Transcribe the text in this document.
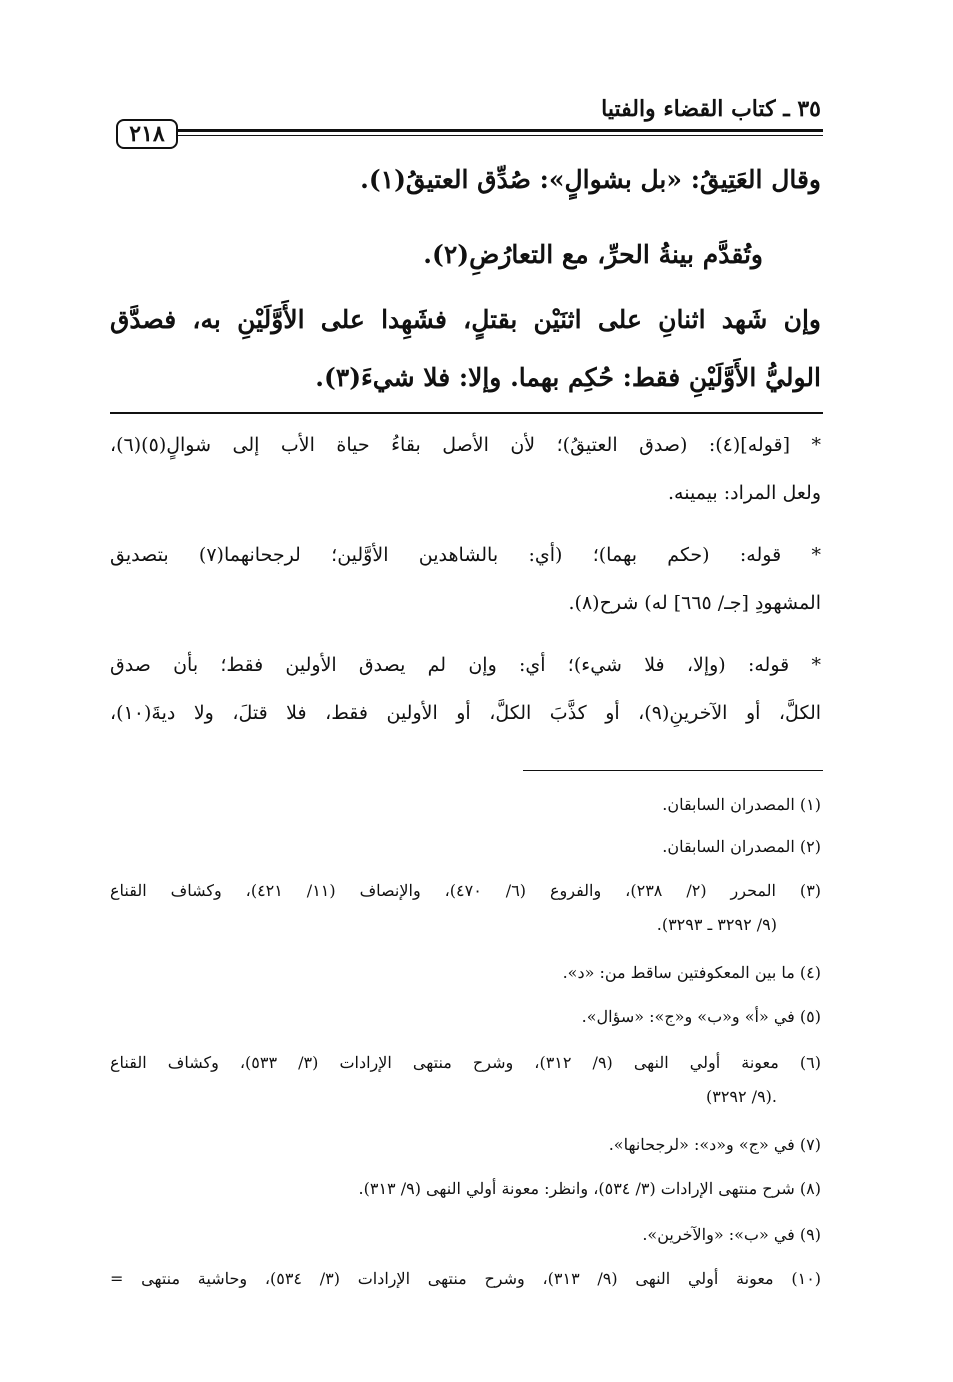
٣٥ ـ كتاب القضاء والفتيا
٢١٨
وقال العَتِيقُ: «بل بشوالٍ»: صُدِّق العتيقُ(١).
وتُقدَّم بينةُ الحرِّ، مع التعارُضِ(٢).
وإن شَهد اثنانِ على اثنَيْن بقتلٍ، فشَهِدا على الأَوَّلَيْنِ به، فصدَّق
الوليُّ الأَوَّلَيْنِ فقط: حُكِم بهما. وإلا: فلا شيءَ(٣).
* [قوله](٤): (صدق العتيقُ)؛ لأن الأصل بقاءُ حياة الأب إلى شوالٍ(٥)(٦)،
ولعل المراد: بيمينه.
* قوله: (حكم بهما)؛ (أي: بالشاهدين الأوَّلين؛ لرجحانهما(٧) بتصديق
المشهودِ [جـ/ ٦٦٥] له) شرح(٨).
* قوله: (وإلا، فلا شيء)؛ أي: وإن لم يصدق الأولين فقط؛ بأن صدق
الكلَّ، أو الآخرينِ(٩)، أو كذَّبَ الكلَّ، أو الأولين فقط، فلا قتلَ، ولا ديةَ(١٠)،
(١) المصدران السابقان.
(٢) المصدران السابقان.
(٣) المحرر (٢/ ٢٣٨)، والفروع (٦/ ٤٧٠)، والإنصاف (١١/ ٤٢١)، وكشاف القناع
(٩/ ٣٢٩٢ ـ ٣٢٩٣).
(٤) ما بين المعكوفتين ساقط من: «د».
(٥) في «أ» و«ب» و«ج»: «سؤال».
(٦) معونة أولي النهى (٩/ ٣١٢)، وشرح منتهى الإرادات (٣/ ٥٣٣)، وكشاف القناع
(٩/ ٣٢٩٢).
(٧) في «ج» و«د»: «لرجحانها».
(٨) شرح منتهى الإرادات (٣/ ٥٣٤)، وانظر: معونة أولي النهى (٩/ ٣١٣).
(٩) في «ب»: «والآخرين».
(١٠) معونة أولي النهى (٩/ ٣١٣)، وشرح منتهى الإرادات (٣/ ٥٣٤)، وحاشية منتهى =
